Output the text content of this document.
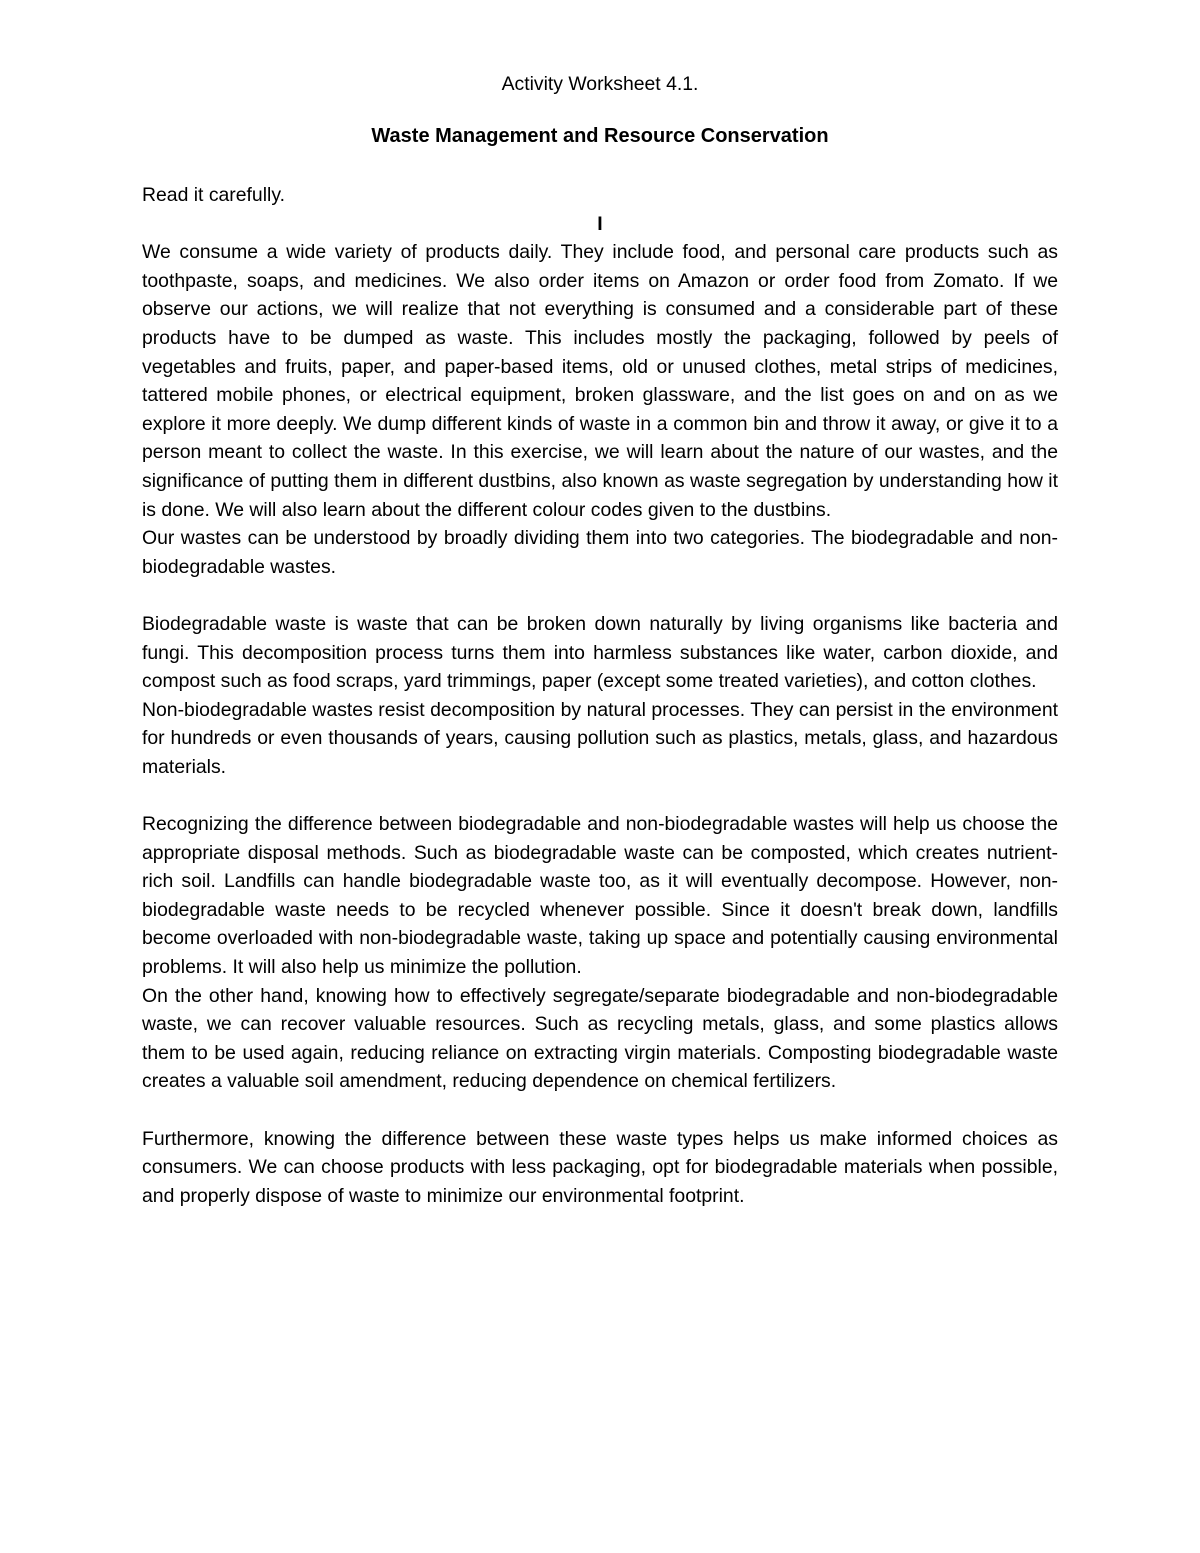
Activity Worksheet 4.1.
Waste Management and Resource Conservation
Read it carefully.
I

We consume a wide variety of products daily. They include food, and personal care products such as toothpaste, soaps, and medicines. We also order items on Amazon or order food from Zomato. If we observe our actions, we will realize that not everything is consumed and a considerable part of these products have to be dumped as waste. This includes mostly the packaging, followed by peels of vegetables and fruits, paper, and paper-based items, old or unused clothes, metal strips of medicines, tattered mobile phones, or electrical equipment, broken glassware, and the list goes on and on as we explore it more deeply. We dump different kinds of waste in a common bin and throw it away, or give it to a person meant to collect the waste. In this exercise, we will learn about the nature of our wastes, and the significance of putting them in different dustbins, also known as waste segregation by understanding how it is done. We will also learn about the different colour codes given to the dustbins.

Our wastes can be understood by broadly dividing them into two categories. The biodegradable and non-biodegradable wastes.

Biodegradable waste is waste that can be broken down naturally by living organisms like bacteria and fungi. This decomposition process turns them into harmless substances like water, carbon dioxide, and compost such as food scraps, yard trimmings, paper (except some treated varieties), and cotton clothes.

Non-biodegradable wastes resist decomposition by natural processes. They can persist in the environment for hundreds or even thousands of years, causing pollution such as plastics, metals, glass, and hazardous materials.

Recognizing the difference between biodegradable and non-biodegradable wastes will help us choose the appropriate disposal methods. Such as biodegradable waste can be composted, which creates nutrient-rich soil. Landfills can handle biodegradable waste too, as it will eventually decompose. However, non-biodegradable waste needs to be recycled whenever possible. Since it doesn't break down, landfills become overloaded with non-biodegradable waste, taking up space and potentially causing environmental problems. It will also help us minimize the pollution.

On the other hand, knowing how to effectively segregate/separate biodegradable and non-biodegradable waste, we can recover valuable resources. Such as recycling metals, glass, and some plastics allows them to be used again, reducing reliance on extracting virgin materials. Composting biodegradable waste creates a valuable soil amendment, reducing dependence on chemical fertilizers.

Furthermore, knowing the difference between these waste types helps us make informed choices as consumers. We can choose products with less packaging, opt for biodegradable materials when possible, and properly dispose of waste to minimize our environmental footprint.
